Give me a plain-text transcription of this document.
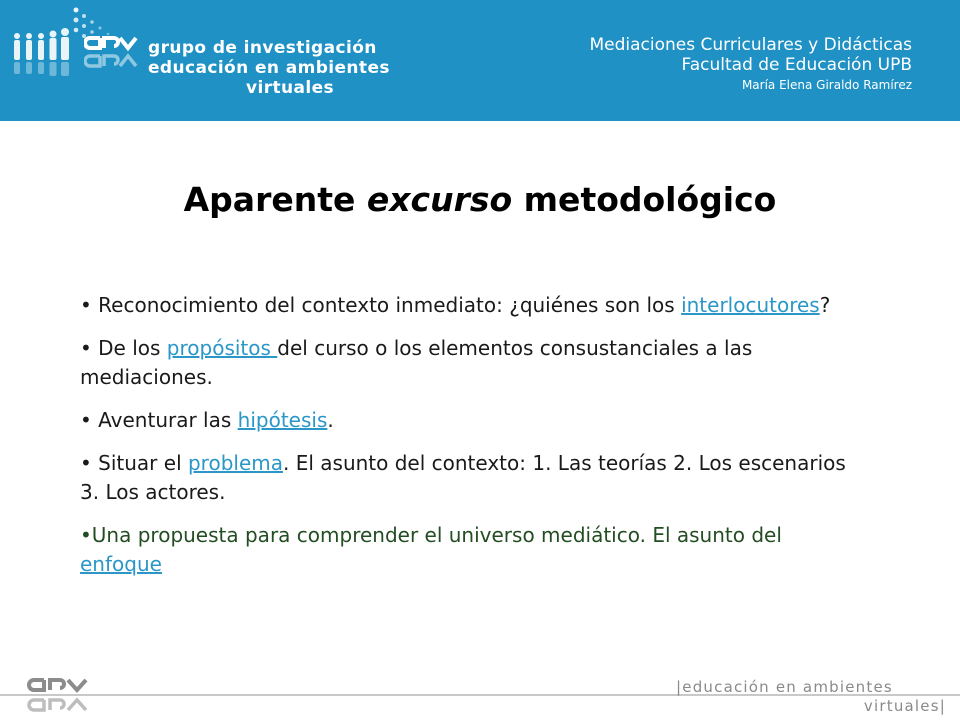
grupo de investigación
educación en ambientes
virtuales
Mediaciones Curriculares y Didácticas
Facultad de Educación UPB
María Elena Giraldo Ramírez
Aparente excurso metodológico

• Reconocimiento del contexto inmediato: ¿quiénes son los interlocutores?

• De los propósitos del curso o los elementos consustanciales a las mediaciones.

• Aventurar las hipótesis.

• Situar el problema. El asunto del contexto: 1. Las teorías 2. Los escenarios 3. Los actores.

•Una propuesta para comprender el universo mediático. El asunto del enfoque

|educación en ambientes
virtuales|
